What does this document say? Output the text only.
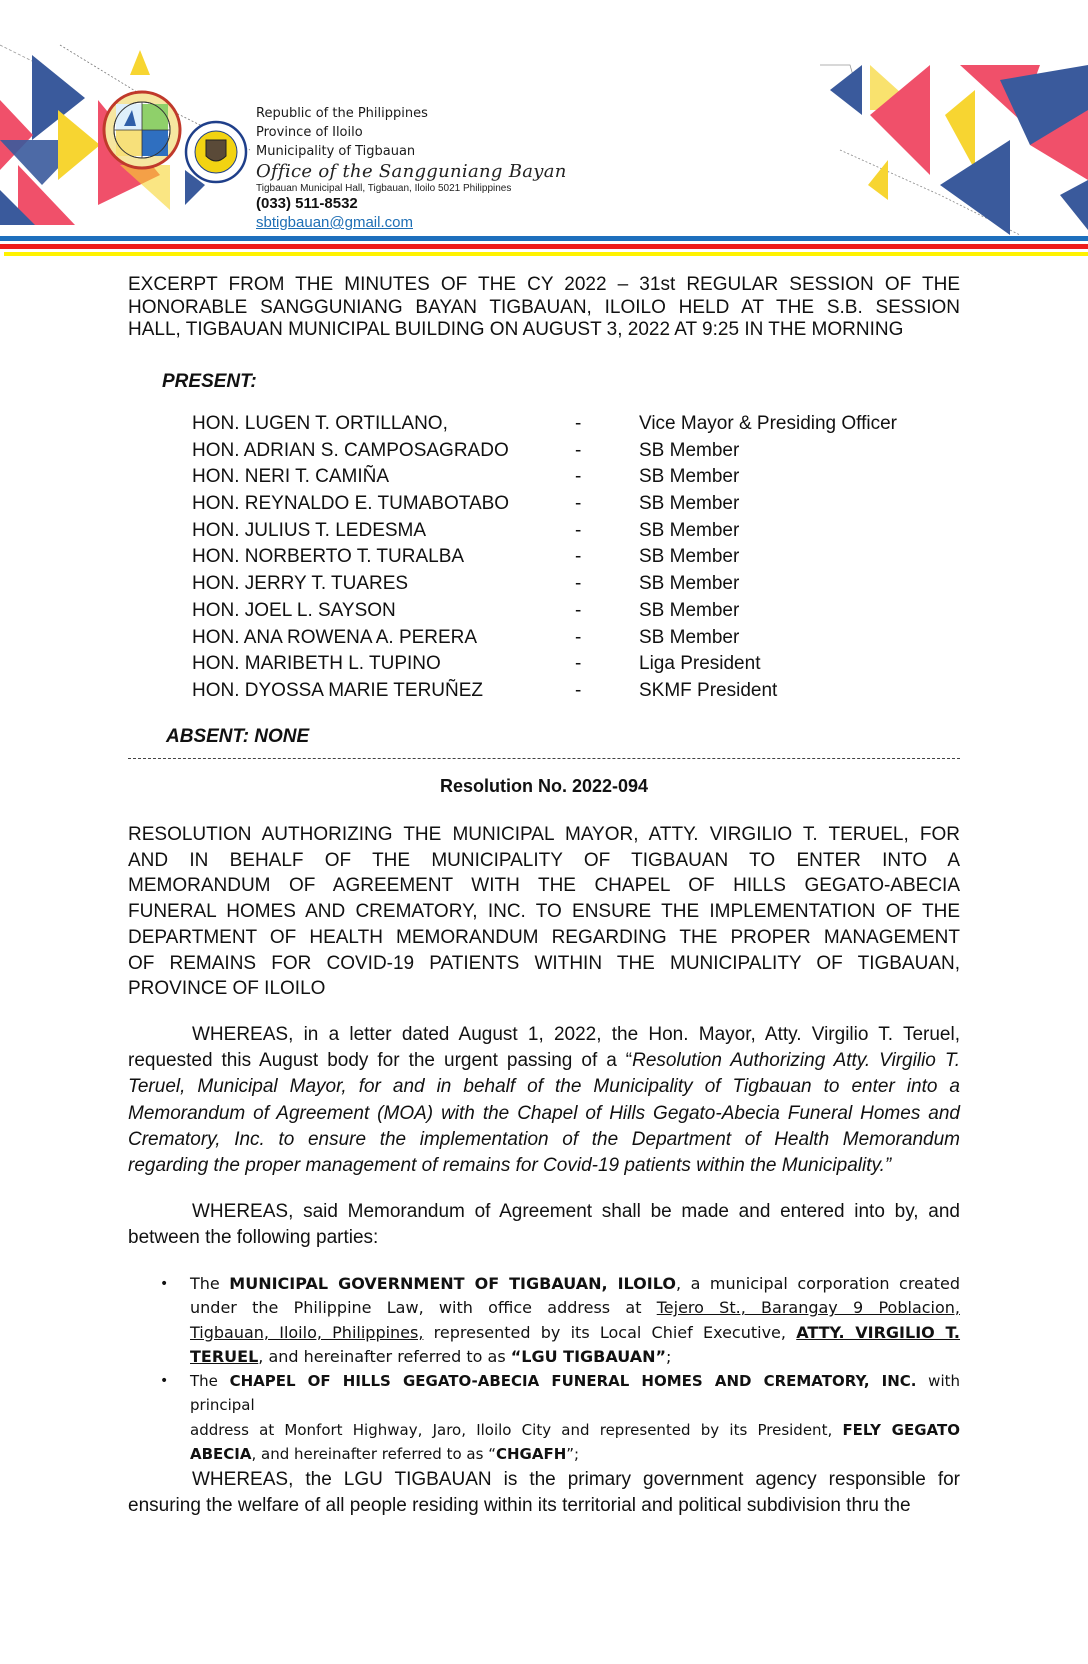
Republic of the Philippines
Province of Iloilo
Municipality of Tigbauan
Office of the Sangguniang Bayan
Tigbauan Municipal Hall, Tigbauan, Iloilo 5021 Philippines
(033) 511-8532
sbtigbauan@gmail.com
EXCERPT FROM THE MINUTES OF THE CY 2022 – 31st REGULAR SESSION OF THE
HONORABLE SANGGUNIANG BAYAN TIGBAUAN, ILOILO HELD AT THE S.B. SESSION
HALL, TIGBAUAN MUNICIPAL BUILDING ON AUGUST 3, 2022 AT 9:25 IN THE MORNING
PRESENT:
HON. LUGEN T. ORTILLANO,	-	Vice Mayor & Presiding Officer
HON. ADRIAN S. CAMPOSAGRADO	-	SB Member
HON. NERI T. CAMIÑA	-	SB Member
HON. REYNALDO E. TUMABOTABO	-	SB Member
HON. JULIUS T. LEDESMA	-	SB Member
HON. NORBERTO T. TURALBA	-	SB Member
HON. JERRY T. TUARES	-	SB Member
HON. JOEL L. SAYSON	-	SB Member
HON. ANA ROWENA A. PERERA	-	SB Member
HON. MARIBETH L. TUPINO	-	Liga President
HON. DYOSSA MARIE TERUÑEZ	-	SKMF President
ABSENT: NONE
Resolution No. 2022-094
RESOLUTION AUTHORIZING THE MUNICIPAL MAYOR, ATTY. VIRGILIO T. TERUEL, FOR
AND IN BEHALF OF THE MUNICIPALITY OF TIGBAUAN TO ENTER INTO A
MEMORANDUM OF AGREEMENT WITH THE CHAPEL OF HILLS GEGATO-ABECIA
FUNERAL HOMES AND CREMATORY, INC. TO ENSURE THE IMPLEMENTATION OF THE
DEPARTMENT OF HEALTH MEMORANDUM REGARDING THE PROPER MANAGEMENT
OF REMAINS FOR COVID-19 PATIENTS WITHIN THE MUNICIPALITY OF TIGBAUAN,
PROVINCE OF ILOILO
WHEREAS, in a letter dated August 1, 2022, the Hon. Mayor, Atty. Virgilio T. Teruel,
requested this August body for the urgent passing of a “Resolution Authorizing Atty. Virgilio T.
Teruel, Municipal Mayor, for and in behalf of the Municipality of Tigbauan to enter into a
Memorandum of Agreement (MOA) with the Chapel of Hills Gegato-Abecia Funeral Homes and
Crematory, Inc. to ensure the implementation of the Department of Health Memorandum
regarding the proper management of remains for Covid-19 patients within the Municipality.”
WHEREAS, said Memorandum of Agreement shall be made and entered into by, and
between the following parties:
• The MUNICIPAL GOVERNMENT OF TIGBAUAN, ILOILO, a municipal corporation created
under the Philippine Law, with office address at Tejero St., Barangay 9 Poblacion,
Tigbauan, Iloilo, Philippines, represented by its Local Chief Executive, ATTY. VIRGILIO T.
TERUEL, and hereinafter referred to as “LGU TIGBAUAN”;
• The CHAPEL OF HILLS GEGATO-ABECIA FUNERAL HOMES AND CREMATORY, INC. with principal
address at Monfort Highway, Jaro, Iloilo City and represented by its President, FELY GEGATO
ABECIA, and hereinafter referred to as “CHGAFH”;
WHEREAS, the LGU TIGBAUAN is the primary government agency responsible for
ensuring the welfare of all people residing within its territorial and political subdivision thru the
